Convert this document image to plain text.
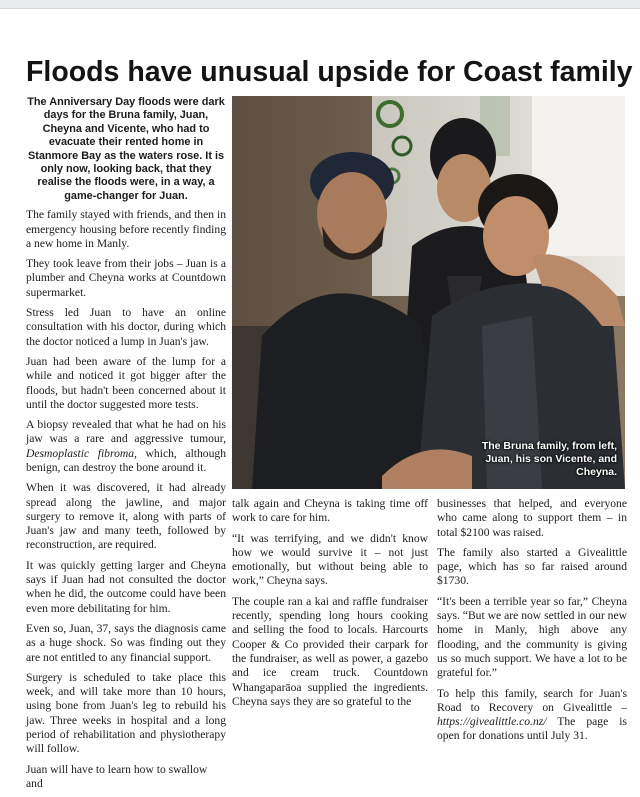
Floods have unusual upside for Coast family

The Anniversary Day floods were dark days for the Bruna family, Juan, Cheyna and Vicente, who had to evacuate their rented home in Stanmore Bay as the waters rose. It is only now, looking back, that they realise the floods were, in a way, a game-changer for Juan.

The family stayed with friends, and then in emergency housing before recently finding a new home in Manly.

They took leave from their jobs – Juan is a plumber and Cheyna works at Countdown supermarket.

Stress led Juan to have an online consultation with his doctor, during which the doctor noticed a lump in Juan's jaw.

Juan had been aware of the lump for a while and noticed it got bigger after the floods, but hadn't been concerned about it until the doctor suggested more tests.

A biopsy revealed that what he had on his jaw was a rare and aggressive tumour, Desmoplastic fibroma, which, although benign, can destroy the bone around it.

When it was discovered, it had already spread along the jawline, and major surgery to remove it, along with parts of Juan's jaw and many teeth, followed by reconstruction, are required.

It was quickly getting larger and Cheyna says if Juan had not consulted the doctor when he did, the outcome could have been even more debilitating for him.

Even so, Juan, 37, says the diagnosis came as a huge shock. So was finding out they are not entitled to any financial support.

Surgery is scheduled to take place this week, and will take more than 10 hours, using bone from Juan's leg to rebuild his jaw. Three weeks in hospital and a long period of rehabilitation and physiotherapy will follow.

Juan will have to learn how to swallow and

The Bruna family, from left, Juan, his son Vicente, and Cheyna.

talk again and Cheyna is taking time off work to care for him.

“It was terrifying, and we didn't know how we would survive it – not just emotionally, but without being able to work,” Cheyna says.

The couple ran a kai and raffle fundraiser recently, spending long hours cooking and selling the food to locals. Harcourts Cooper & Co provided their carpark for the fundraiser, as well as power, a gazebo and ice cream truck. Countdown Whangaparāoa supplied the ingredients. Cheyna says they are so grateful to the

businesses that helped, and everyone who came along to support them – in total $2100 was raised.

The family also started a Givealittle page, which has so far raised around $1730.

“It's been a terrible year so far,” Cheyna says. “But we are now settled in our new home in Manly, high above any flooding, and the community is giving us so much support. We have a lot to be grateful for.”

To help this family, search for Juan's Road to Recovery on Givealittle – https://givealittle.co.nz/ The page is open for donations until July 31.
